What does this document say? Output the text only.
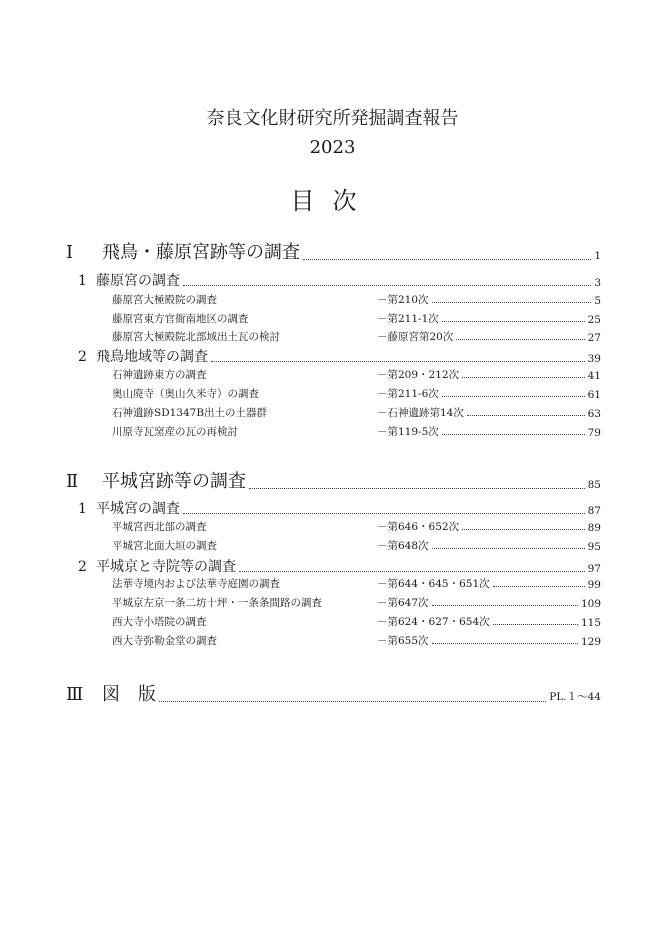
奈良文化財研究所発掘調査報告
2023
目次
Ⅰ 飛鳥・藤原宮跡等の調査	1
1 藤原宮の調査	3
藤原宮大極殿院の調査	－第210次	5
藤原宮東方官衙南地区の調査	－第211‐1次	25
藤原宮大極殿院北部域出土瓦の検討	－藤原宮第20次	27
2 飛鳥地域等の調査	39
石神遺跡東方の調査	－第209・212次	41
奥山廃寺（奥山久米寺）の調査	－第211‐6次	61
石神遺跡SD1347B出土の土器群	－石神遺跡第14次	63
川原寺瓦窯産の瓦の再検討	－第119‐5次	79
Ⅱ 平城宮跡等の調査	85
1 平城宮の調査	87
平城宮西北部の調査	－第646・652次	89
平城宮北面大垣の調査	－第648次	95
2 平城京と寺院等の調査	97
法華寺境内および法華寺庭園の調査	－第644・645・651次	99
平城京左京一条二坊十坪・一条条間路の調査	－第647次	109
西大寺小塔院の調査	－第624・627・654次	115
西大寺弥勒金堂の調査	－第655次	129
Ⅲ 図　版	PL.１～44
